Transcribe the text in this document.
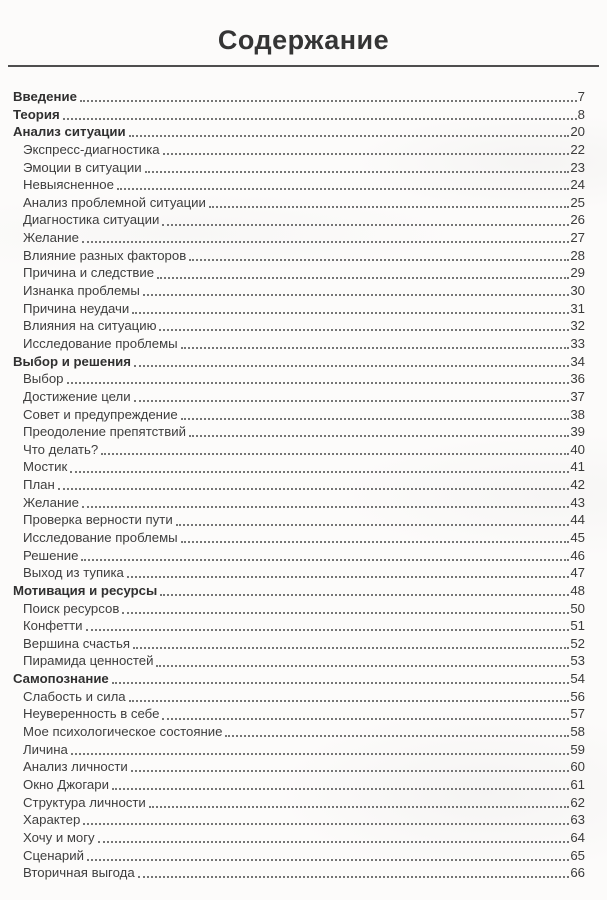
Содержание
Введение	7
Теория	8
Анализ ситуации	20
Экспресс-диагностика	22
Эмоции в ситуации	23
Невыясненное	24
Анализ проблемной ситуации	25
Диагностика ситуации	26
Желание	27
Влияние разных факторов	28
Причина и следствие	29
Изнанка проблемы	30
Причина неудачи	31
Влияния на ситуацию	32
Исследование проблемы	33
Выбор и решения	34
Выбор	36
Достижение цели	37
Совет и предупреждение	38
Преодоление препятствий	39
Что делать?	40
Мостик	41
План	42
Желание	43
Проверка верности пути	44
Исследование проблемы	45
Решение	46
Выход из тупика	47
Мотивация и ресурсы	48
Поиск ресурсов	50
Конфетти	51
Вершина счастья	52
Пирамида ценностей	53
Самопознание	54
Слабость и сила	56
Неуверенность в себе	57
Мое психологическое состояние	58
Личина	59
Анализ личности	60
Окно Джогари	61
Структура личности	62
Характер	63
Хочу и могу	64
Сценарий	65
Вторичная выгода	66
